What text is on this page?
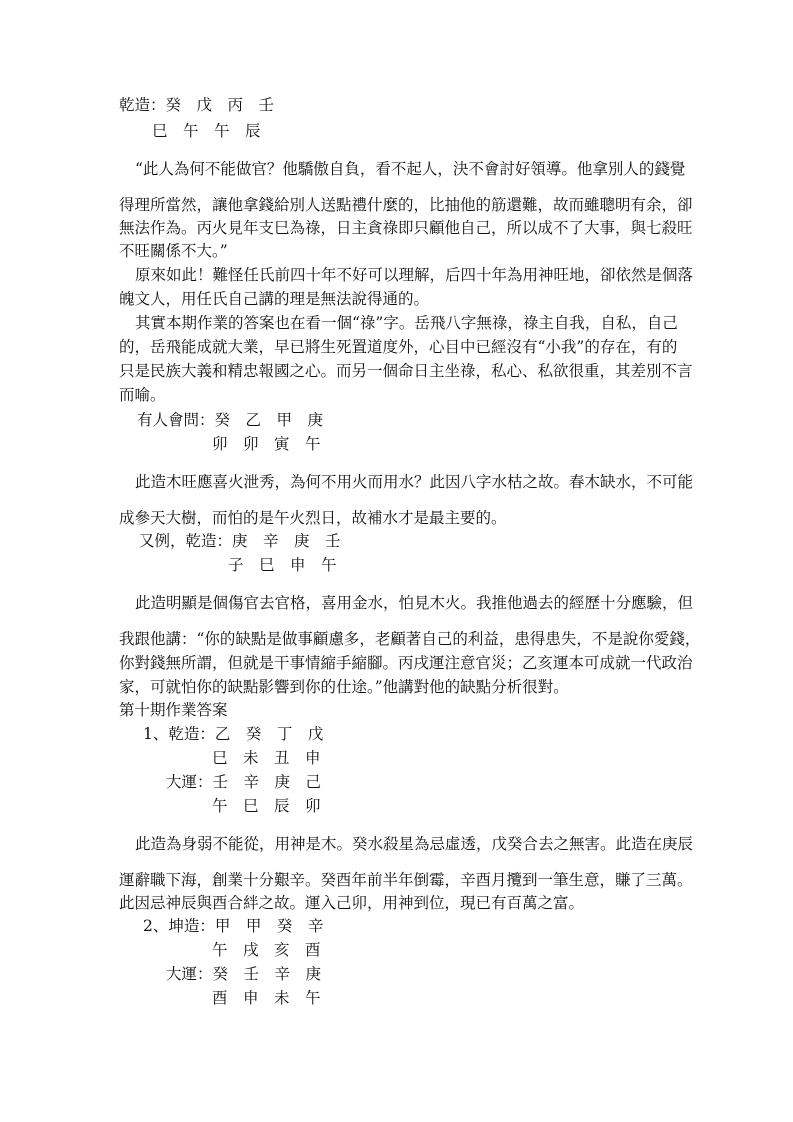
乾造：癸　戊　丙　壬
巳　午　午　辰
“此人為何不能做官？他驕傲自負，看不起人，決不會討好領導。他拿別人的錢覺
得理所當然，讓他拿錢給別人送點禮什麼的，比抽他的筋還難，故而雖聰明有余，卻
無法作為。丙火見年支巳為祿，日主貪祿即只顧他自己，所以成不了大事，與七殺旺
不旺關係不大。”
原來如此！難怪任氏前四十年不好可以理解，后四十年為用神旺地，卻依然是個落
魄文人，用任氏自己講的理是無法說得通的。
其實本期作業的答案也在看一個“祿”字。岳飛八字無祿，祿主自我，自私，自己
的，岳飛能成就大業，早已將生死置道度外，心目中已經沒有“小我”的存在，有的
只是民族大義和精忠報國之心。而另一個命日主坐祿，私心、私欲很重，其差別不言
而喻。
有人會問：癸　乙　甲　庚
卯　卯　寅　午
此造木旺應喜火泄秀，為何不用火而用水？此因八字水枯之故。春木缺水，不可能
成參天大樹，而怕的是午火烈日，故補水才是最主要的。
又例，乾造：庚　辛　庚　壬
子　巳　申　午
此造明顯是個傷官去官格，喜用金水，怕見木火。我推他過去的經歷十分應驗，但
我跟他講：“你的缺點是做事顧慮多，老顧著自己的利益，患得患失，不是說你愛錢，
你對錢無所謂，但就是干事情縮手縮腳。丙戌運注意官災；乙亥運本可成就一代政治
家，可就怕你的缺點影響到你的仕途。”他講對他的缺點分析很對。
第十期作業答案
1、乾造：乙　癸　丁　戊
巳　未　丑　申
大運：壬　辛　庚　己
午　巳　辰　卯
此造為身弱不能從，用神是木。癸水殺星為忌虛透，戊癸合去之無害。此造在庚辰
運辭職下海，創業十分艱辛。癸酉年前半年倒霉，辛酉月攬到一筆生意，賺了三萬。
此因忌神辰與酉合絆之故。運入己卯，用神到位，現已有百萬之富。
2、坤造：甲　甲　癸　辛
午　戌　亥　酉
大運：癸　壬　辛　庚
酉　申　未　午
